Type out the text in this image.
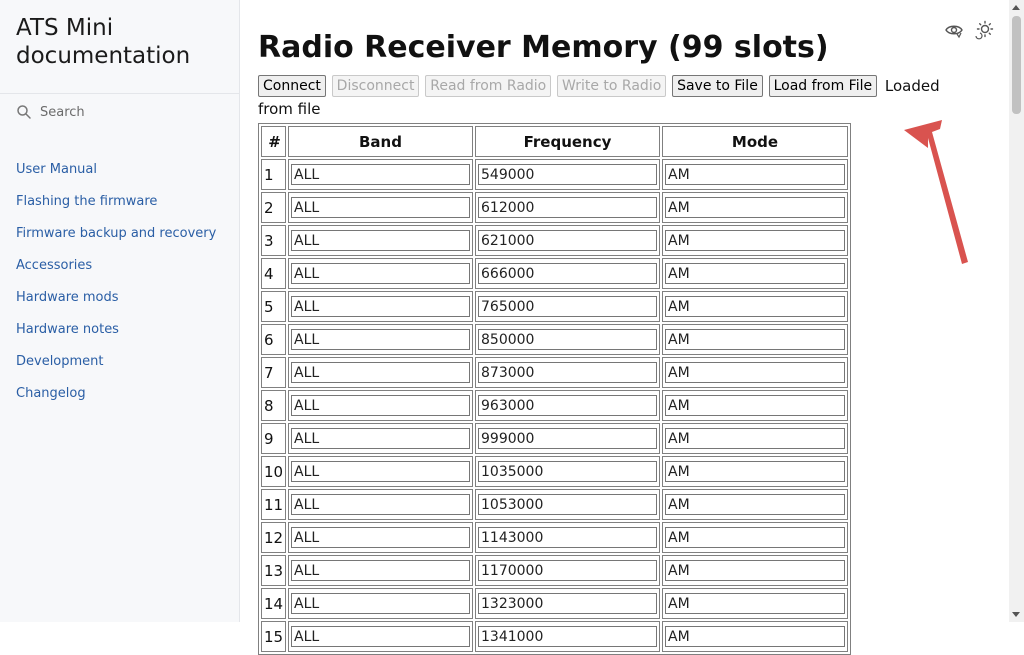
ATS Mini documentation
Search
User Manual
Flashing the firmware
Firmware backup and recovery
Accessories
Hardware mods
Hardware notes
Development
Changelog
Radio Receiver Memory (99 slots)
Connect Disconnect Read from Radio Write to Radio Save to File Load from File Loaded from file
#	Band	Frequency	Mode
1	ALL	549000	AM
2	ALL	612000	AM
3	ALL	621000	AM
4	ALL	666000	AM
5	ALL	765000	AM
6	ALL	850000	AM
7	ALL	873000	AM
8	ALL	963000	AM
9	ALL	999000	AM
10	ALL	1035000	AM
11	ALL	1053000	AM
12	ALL	1143000	AM
13	ALL	1170000	AM
14	ALL	1323000	AM
15	ALL	1341000	AM
